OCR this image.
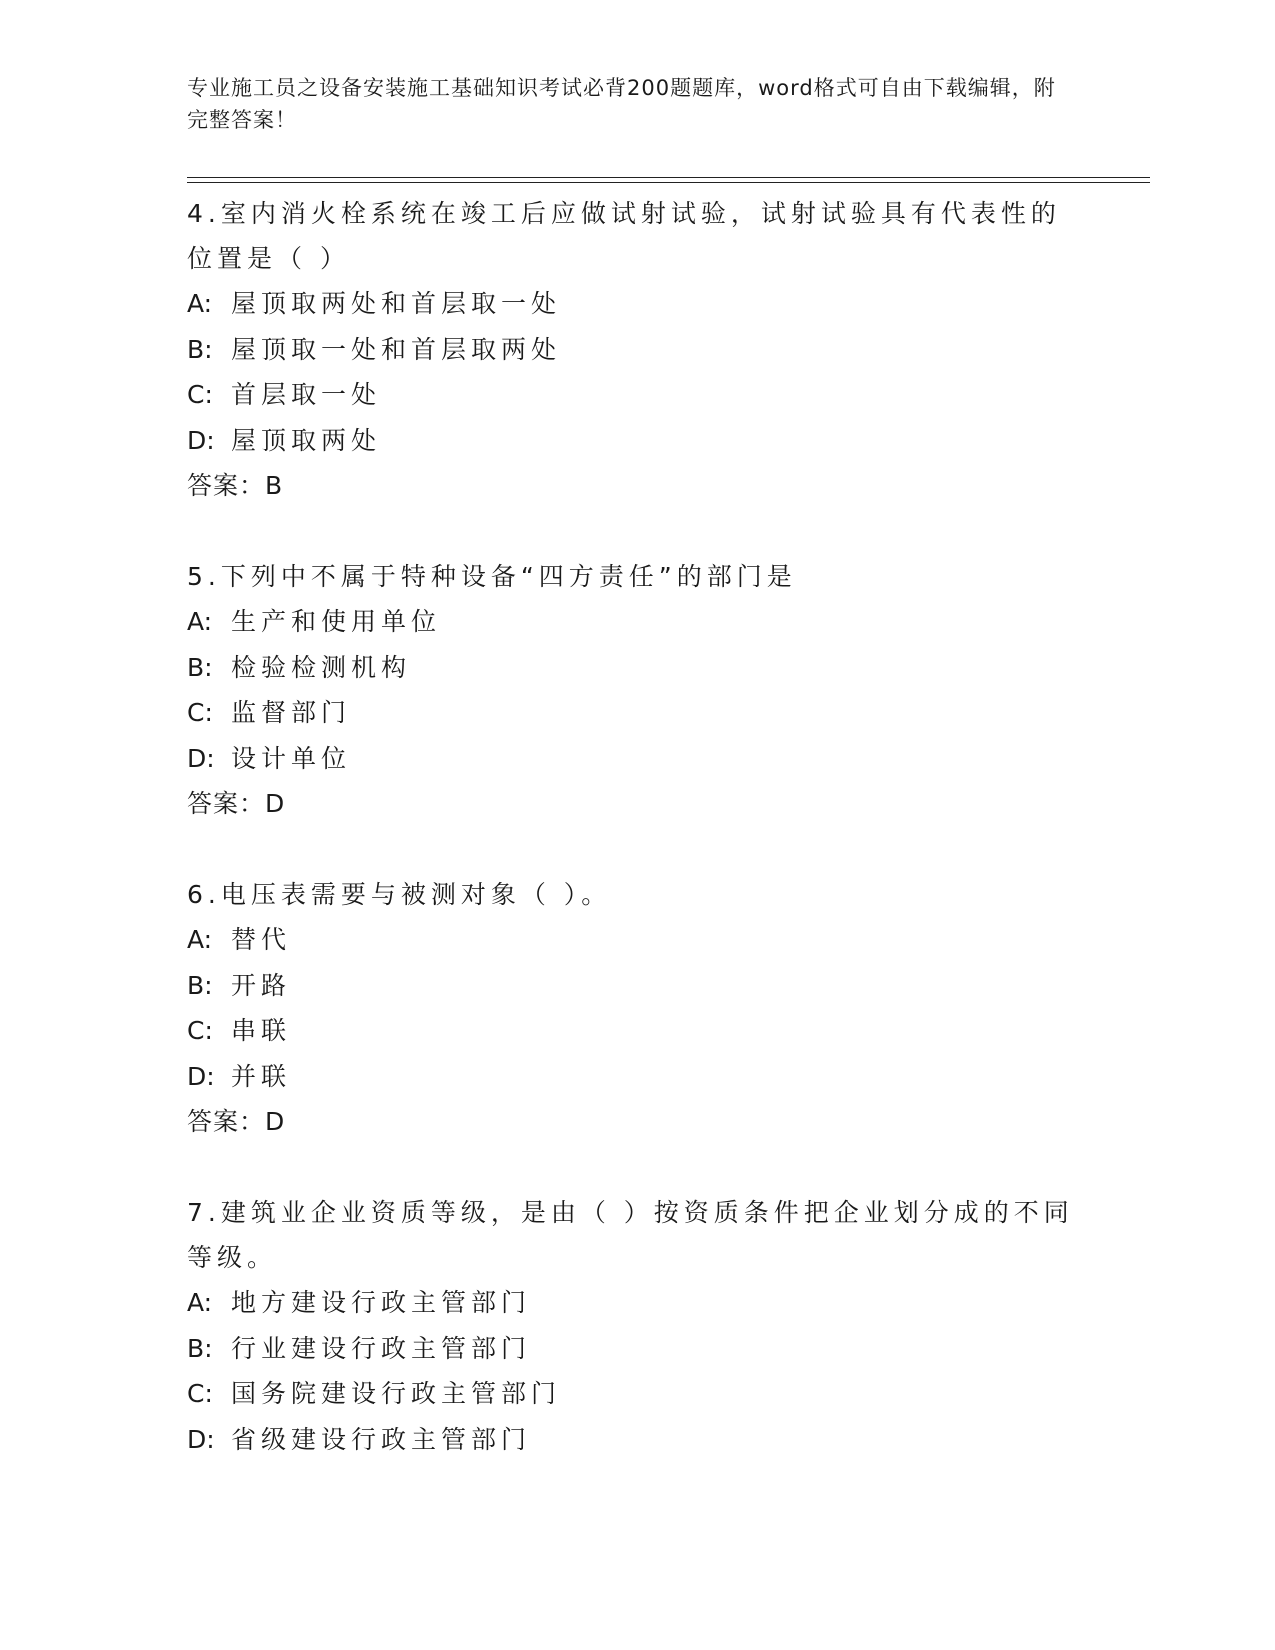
专业施工员之设备安装施工基础知识考试必背200题题库，word格式可自由下载编辑，附完整答案！
4.室内消火栓系统在竣工后应做试射试验，试射试验具有代表性的位置是（ ）
A: 屋顶取两处和首层取一处
B: 屋顶取一处和首层取两处
C: 首层取一处
D: 屋顶取两处
答案：B
5.下列中不属于特种设备“四方责任”的部门是
A: 生产和使用单位
B: 检验检测机构
C: 监督部门
D: 设计单位
答案：D
6.电压表需要与被测对象（ ）。
A: 替代
B: 开路
C: 串联
D: 并联
答案：D
7.建筑业企业资质等级，是由（ ）按资质条件把企业划分成的不同等级。
A: 地方建设行政主管部门
B: 行业建设行政主管部门
C: 国务院建设行政主管部门
D: 省级建设行政主管部门
